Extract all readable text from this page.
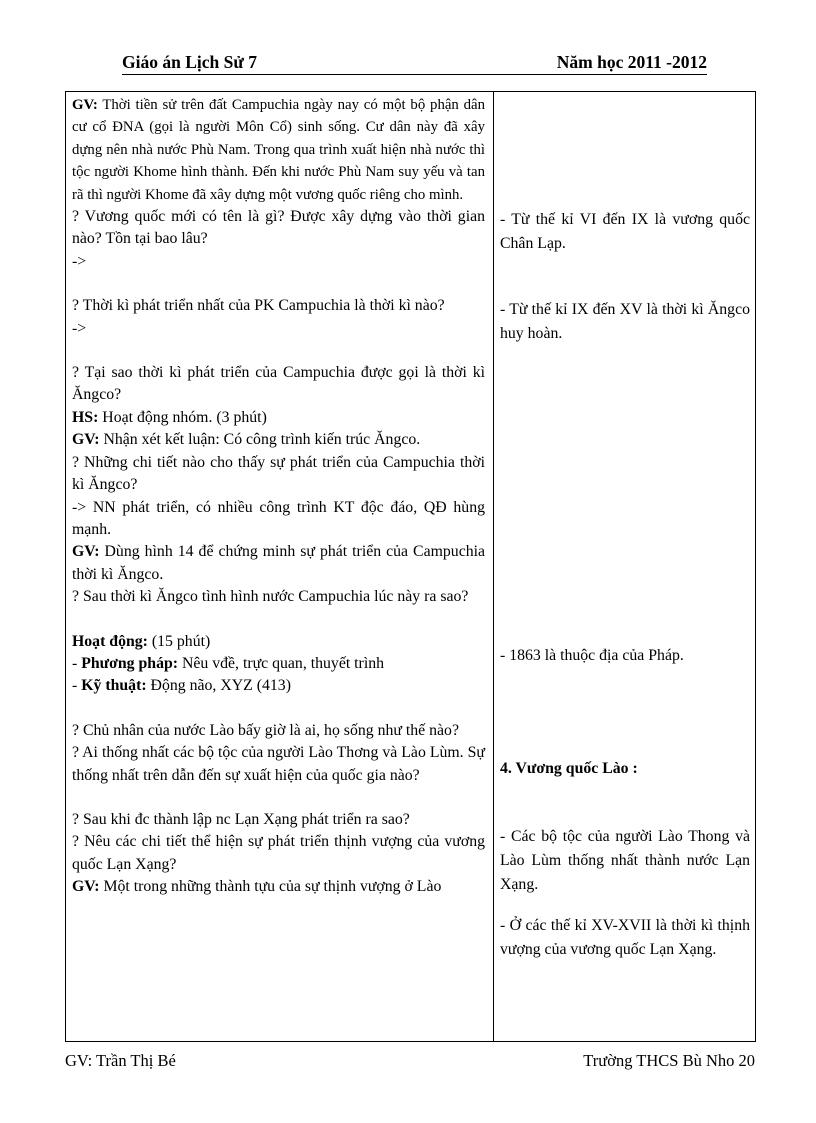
Giáo án Lịch Sử 7	Năm học 2011 -2012

GV: Thời tiền sử trên đất Campuchia ngày nay có một bộ phận dân cư cổ ĐNA (gọi là người Môn Cổ) sinh sống. Cư dân này đã xây dựng nên nhà nước Phù Nam. Trong qua trình xuất hiện nhà nước thì tộc người Khome hình thành. Đến khi nước Phù Nam suy yếu và tan rã thì người Khome đã xây dựng một vương quốc riêng cho mình.

? Vương quốc mới có tên là gì? Được xây dựng vào thời gian nào? Tồn tại bao lâu?

->

? Thời kì phát triển nhất của PK Campuchia là thời kì nào?

->

? Tại sao thời kì phát triển của Campuchia được gọi là thời kì Ăngco?

HS: Hoạt động nhóm. (3 phút)

GV: Nhận xét kết luận: Có công trình kiến trúc Ăngco.

? Những chi tiết nào cho thấy sự phát triển của Campuchia thời kì Ăngco?

-> NN phát triển, có nhiều công trình KT độc đáo, QĐ hùng mạnh.

GV: Dùng hình 14 để chứng minh sự phát triển của Campuchia thời kì Ăngco.

? Sau thời kì Ăngco tình hình nước Campuchia lúc này ra sao?

Hoạt động: (15 phút)

- Phương pháp: Nêu vđề, trực quan, thuyết trình

- Kỹ thuật: Động não, XYZ (413)

? Chủ nhân của nước Lào bấy giờ là ai, họ sống như thế nào?

? Ai thống nhất các bộ tộc của người Lào Thơng và Lào Lùm. Sự thống nhất trên dẫn đến sự xuất hiện của quốc gia nào?

? Sau khi đc thành lập nc Lạn Xạng phát triển ra sao?

? Nêu các chi tiết thể hiện sự phát triển thịnh vượng của vương quốc Lạn Xạng?

GV: Một trong những thành tựu của sự thịnh vượng ở Lào

- Từ thế kỉ VI đến IX là vương quốc Chân Lạp.

- Từ thế kỉ IX đến XV là thời kì Ăngco huy hoàn.

- 1863 là thuộc địa của Pháp.

4. Vương quốc Lào :

- Các bộ tộc của người Lào Thong và Lào Lùm thống nhất thành nước Lạn Xạng.

- Ở các thế kỉ XV-XVII là thời kì thịnh vượng của vương quốc Lạn Xạng.

GV: Trần Thị Bé	Trường THCS Bù Nho 20
